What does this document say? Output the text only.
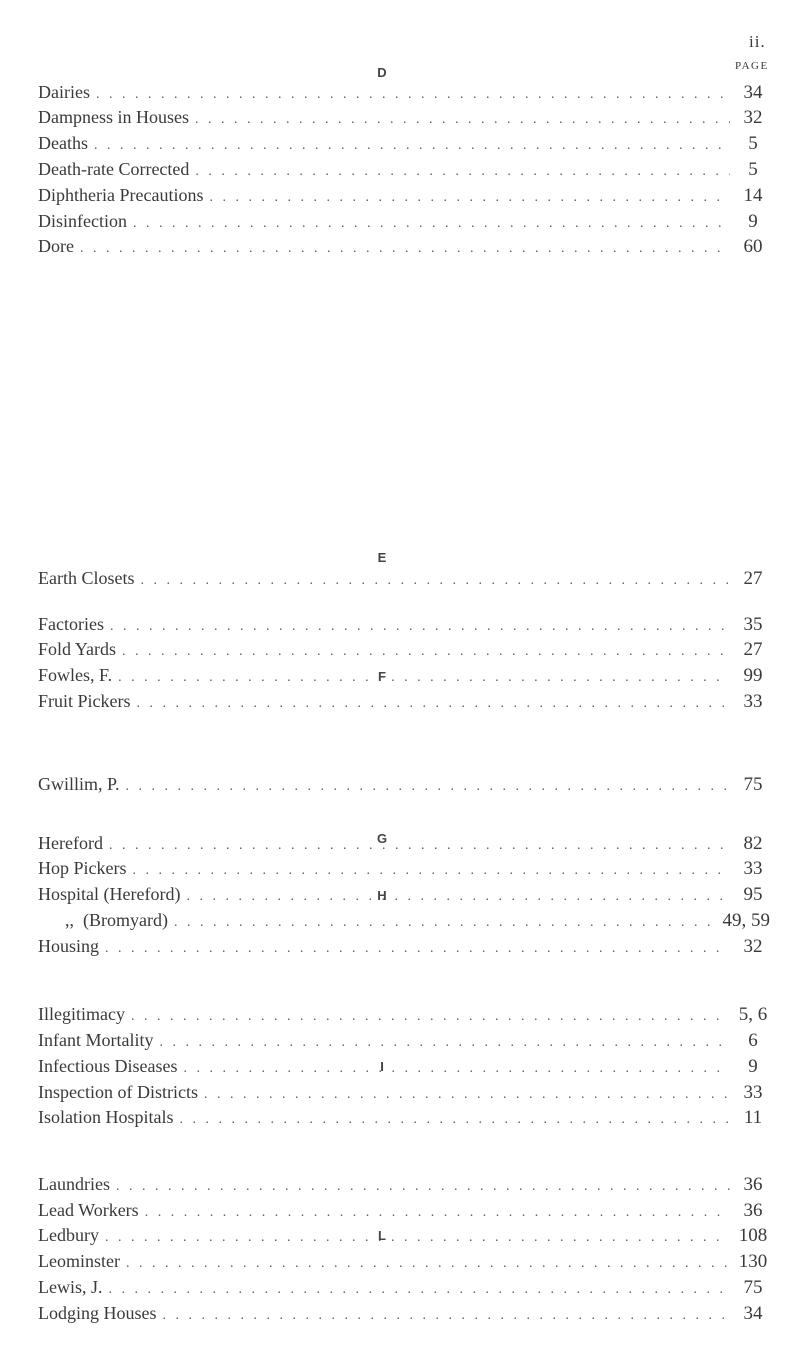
ii.
PAGE
D
Dairies . . .	34
Dampness in Houses . . .	32
Deaths . . .	5
Death-rate Corrected . . .	5
Diphtheria Precautions . . .	14
Disinfection . . .	9
Dore . . .	60
E
Earth Closets . . .	27
F
Factories . . .	35
Fold Yards . . .	27
Fowles, F. . . .	99
Fruit Pickers . . .	33
G
Gwillim, P. . . .	75
H
Hereford . . .	82
Hop Pickers . . .	33
Hospital (Hereford) . . .	95
,,  (Bromyard) . . .	49, 59
Housing . . .	32
I
Illegitimacy . . .	5, 6
Infant Mortality . . .	6
Infectious Diseases . . .	9
Inspection of Districts . . .	33
Isolation Hospitals . . .	11
L
Laundries . . .	36
Lead Workers . . .	36
Ledbury . . .	108
Leominster . . .	130
Lewis, J. . . .	75
Lodging Houses . . .	34
